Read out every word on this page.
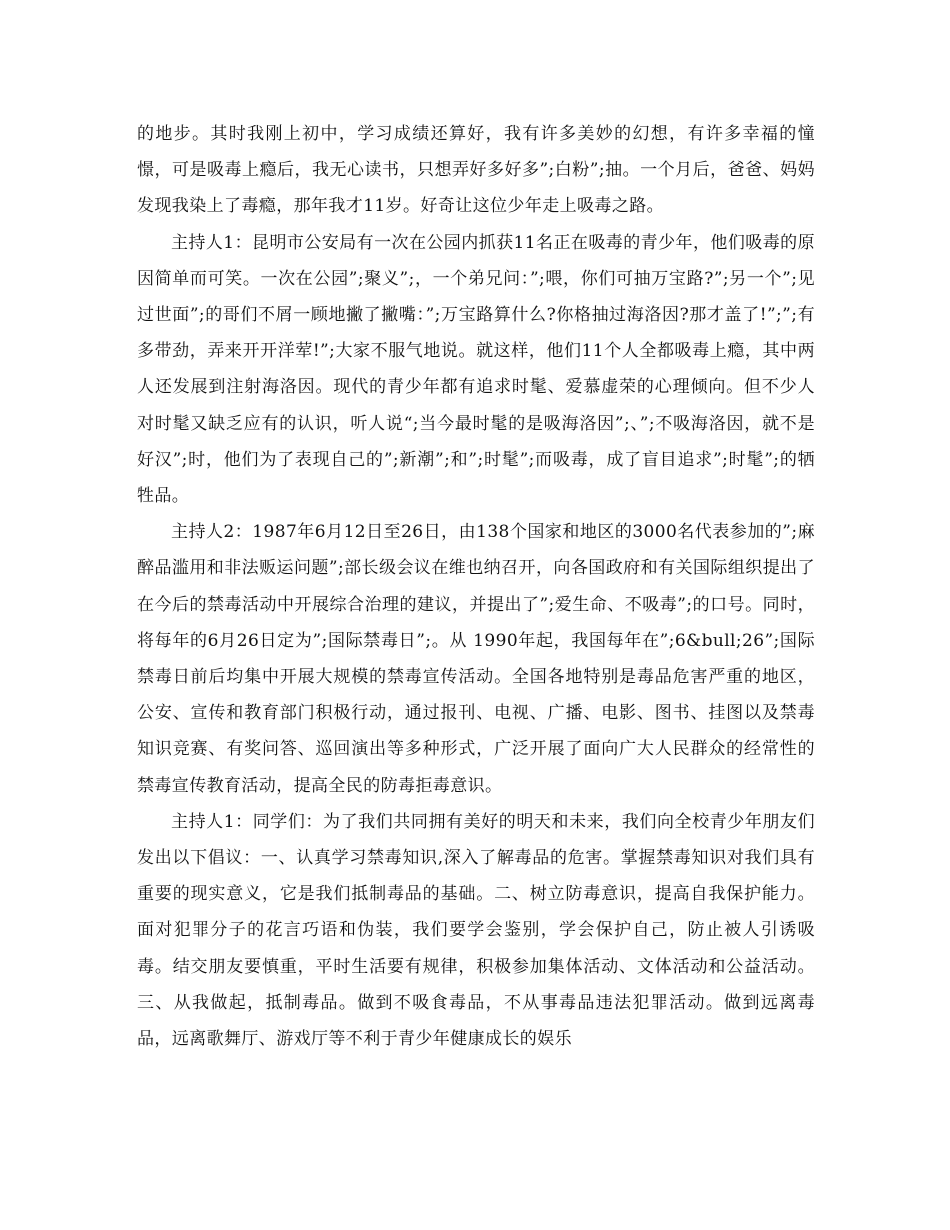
的地步。其时我刚上初中，学习成绩还算好，我有许多美妙的幻想，有许多幸福的憧憬，可是吸毒上瘾后，我无心读书，只想弄好多好多”;白粉”;抽。一个月后，爸爸、妈妈发现我染上了毒瘾，那年我才11岁。好奇让这位少年走上吸毒之路。

主持人1：昆明市公安局有一次在公园内抓获11名正在吸毒的青少年，他们吸毒的原因简单而可笑。一次在公园”;聚义”;，一个弟兄问：”;喂，你们可抽万宝路?”;另一个”;见过世面”;的哥们不屑一顾地撇了撇嘴：”;万宝路算什么?你格抽过海洛因?那才盖了!”;”;有多带劲，弄来开开洋荤!”;大家不服气地说。就这样，他们11个人全都吸毒上瘾，其中两人还发展到注射海洛因。现代的青少年都有追求时髦、爱慕虚荣的心理倾向。但不少人对时髦又缺乏应有的认识，听人说“;当今最时髦的是吸海洛因”;、”;不吸海洛因，就不是好汉”;时，他们为了表现自己的”;新潮”;和”;时髦”;而吸毒，成了盲目追求”;时髦”;的牺牲品。

主持人2：1987年6月12日至26日，由138个国家和地区的3000名代表参加的”;麻醉品滥用和非法贩运问题”;部长级会议在维也纳召开，向各国政府和有关国际组织提出了在今后的禁毒活动中开展综合治理的建议，并提出了”;爱生命、不吸毒”;的口号。同时，将每年的6月26日定为”;国际禁毒日”;。从 1990年起，我国每年在”;6&bull;26”;国际禁毒日前后均集中开展大规模的禁毒宣传活动。全国各地特别是毒品危害严重的地区，公安、宣传和教育部门积极行动，通过报刊、电视、广播、电影、图书、挂图以及禁毒知识竞赛、有奖问答、巡回演出等多种形式，广泛开展了面向广大人民群众的经常性的禁毒宣传教育活动，提高全民的防毒拒毒意识。

主持人1：同学们：为了我们共同拥有美好的明天和未来，我们向全校青少年朋友们发出以下倡议：一、认真学习禁毒知识,深入了解毒品的危害。掌握禁毒知识对我们具有重要的现实意义，它是我们抵制毒品的基础。二、树立防毒意识，提高自我保护能力。面对犯罪分子的花言巧语和伪装，我们要学会鉴别，学会保护自己，防止被人引诱吸毒。结交朋友要慎重，平时生活要有规律，积极参加集体活动、文体活动和公益活动。三、从我做起，抵制毒品。做到不吸食毒品，不从事毒品违法犯罪活动。做到远离毒品，远离歌舞厅、游戏厅等不利于青少年健康成长的娱乐
